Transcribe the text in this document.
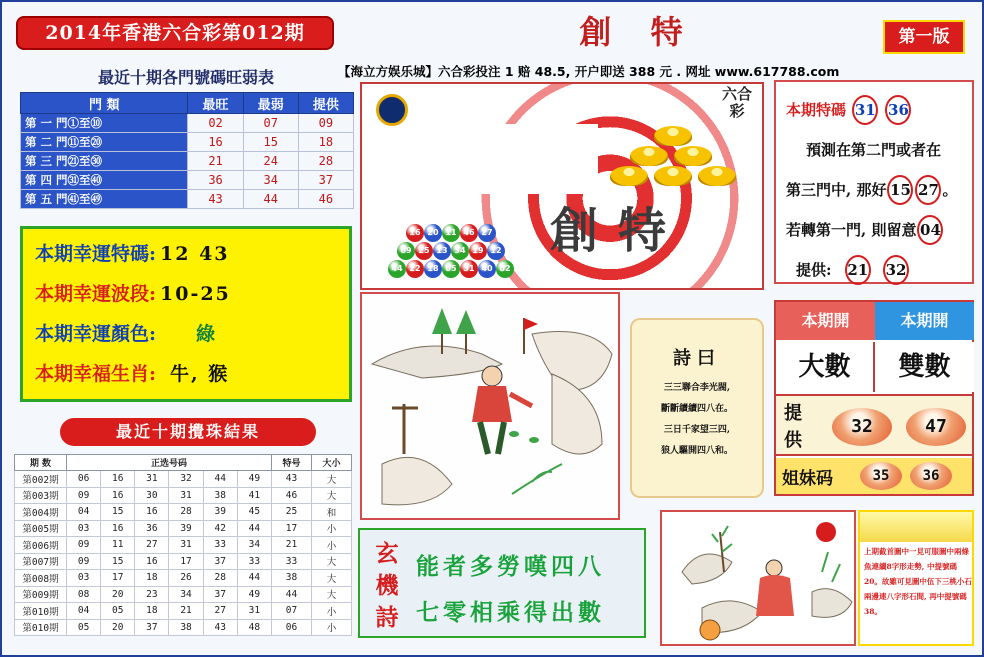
2014年香港六合彩第012期	創 特	第一版
【海立方娱乐城】六合彩投注 1 赔 48.5, 开户即送 388 元 . 网址 www.617788.com
最近十期各門號碼旺弱表
門 類	最旺	最弱	提供
第 一 門①至⑩	02	07	09
第 二 門⑪至⑳	16	15	18
第 三 門㉑至㉚	21	24	28
第 四 門㉛至㊵	36	34	37
第 五 門㊶至㊾	43	44	46
本期幸運特碼: 12 43
本期幸運波段: 10-25
本期幸運顏色: 綠
本期幸福生肖: 牛, 猴
最近十期攪珠結果
期 数	正选号码						特号	大小
第002期	06	16	31	32	44	49	43	大
第003期	09	16	30	31	38	41	46	大
第004期	04	15	16	28	39	45	25	和
第005期	03	16	36	39	42	44	17	小
第006期	09	11	27	31	33	34	21	小
第007期	09	15	16	17	37	33	33	大
第008期	03	17	18	26	28	44	38	大
第009期	08	20	23	34	37	49	44	大
第010期	04	05	18	21	27	31	07	小
第010期	05	20	37	38	43	48	06	小
六合彩
創特
16 20 11 46 27
09 25 13 34 19 12
44 22 18 05 31 40 02
詩曰

三三聯合李光閥,
斷斷續續四八在。
三日千家望三四,
狼人驅開四八和。

玄機詩
能者多勞嘆四八
七零相乘得出數
本期特碼 31 36
預測在第二門或者在
第三門中, 那好 15 27 。
若轉第一門, 則留意 04
提供: 21 32
本期開	本期開
大數	雙數
提供
32	47
姐妹码	35	36
上期截首圖中一見可服圖中兩條魚連續8字形走勢, 中提號碼20。故雖可見圖中伍下三桃小石兩邊連八字形石間, 再中提號碼38。
